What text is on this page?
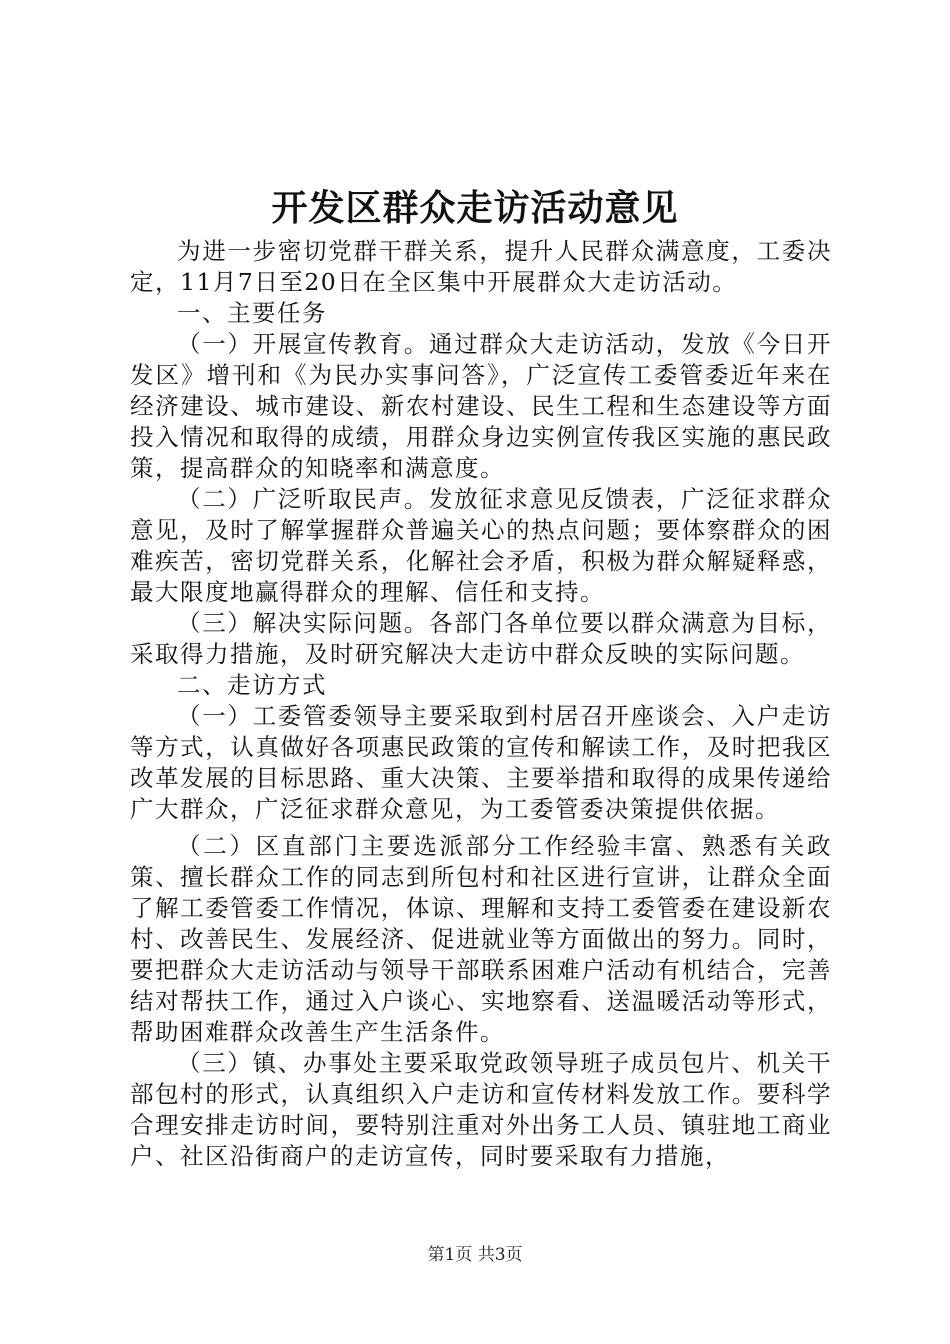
开发区群众走访活动意见

为进一步密切党群干群关系，提升人民群众满意度，工委决定，11月7日至20日在全区集中开展群众大走访活动。

一、主要任务

（一）开展宣传教育。通过群众大走访活动，发放《今日开发区》增刊和《为民办实事问答》，广泛宣传工委管委近年来在经济建设、城市建设、新农村建设、民生工程和生态建设等方面投入情况和取得的成绩，用群众身边实例宣传我区实施的惠民政策，提高群众的知晓率和满意度。

（二）广泛听取民声。发放征求意见反馈表，广泛征求群众意见，及时了解掌握群众普遍关心的热点问题；要体察群众的困难疾苦，密切党群关系，化解社会矛盾，积极为群众解疑释惑，最大限度地赢得群众的理解、信任和支持。

（三）解决实际问题。各部门各单位要以群众满意为目标，采取得力措施，及时研究解决大走访中群众反映的实际问题。

二、走访方式

（一）工委管委领导主要采取到村居召开座谈会、入户走访等方式，认真做好各项惠民政策的宣传和解读工作，及时把我区改革发展的目标思路、重大决策、主要举措和取得的成果传递给广大群众，广泛征求群众意见，为工委管委决策提供依据。

（二）区直部门主要选派部分工作经验丰富、熟悉有关政策、擅长群众工作的同志到所包村和社区进行宣讲，让群众全面了解工委管委工作情况，体谅、理解和支持工委管委在建设新农村、改善民生、发展经济、促进就业等方面做出的努力。同时，要把群众大走访活动与领导干部联系困难户活动有机结合，完善结对帮扶工作，通过入户谈心、实地察看、送温暖活动等形式，帮助困难群众改善生产生活条件。

（三）镇、办事处主要采取党政领导班子成员包片、机关干部包村的形式，认真组织入户走访和宣传材料发放工作。要科学合理安排走访时间，要特别注重对外出务工人员、镇驻地工商业户、社区沿街商户的走访宣传，同时要采取有力措施，

第1页 共3页
